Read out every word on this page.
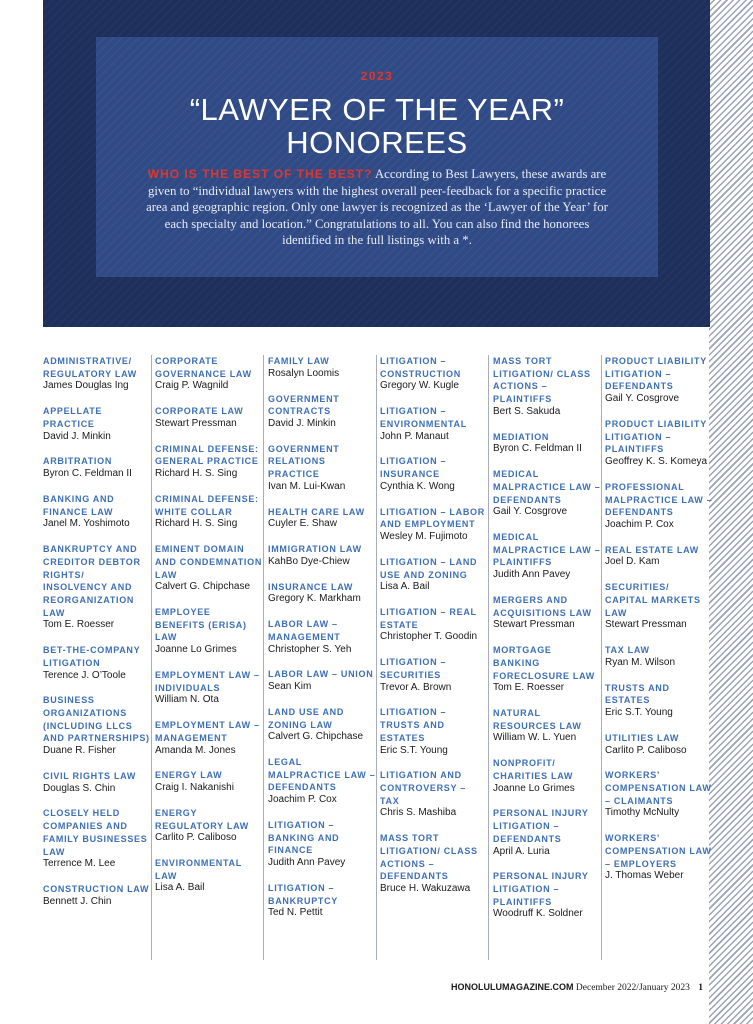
2023
“LAWYER OF THE YEAR”
HONOREES
WHO IS THE BEST OF THE BEST? According to Best Lawyers, these awards are given to “individual lawyers with the highest overall peer-feedback for a specific practice area and geographic region. Only one lawyer is recognized as the ‘Lawyer of the Year’ for each specialty and location.” Congratulations to all. You can also find the honorees identified in the full listings with a *.
ADMINISTRATIVE/ REGULATORY LAW
James Douglas Ing
APPELLATE PRACTICE
David J. Minkin
ARBITRATION
Byron C. Feldman II
BANKING AND FINANCE LAW
Janel M. Yoshimoto
BANKRUPTCY AND CREDITOR DEBTOR RIGHTS/ INSOLVENCY AND REORGANIZATION LAW
Tom E. Roesser
BET-THE-COMPANY LITIGATION
Terence J. O’Toole
BUSINESS ORGANIZATIONS (INCLUDING LLCS AND PARTNERSHIPS)
Duane R. Fisher
CIVIL RIGHTS LAW
Douglas S. Chin
CLOSELY HELD COMPANIES AND FAMILY BUSINESSES LAW
Terrence M. Lee
CONSTRUCTION LAW
Bennett J. Chin
CORPORATE GOVERNANCE LAW
Craig P. Wagnild
CORPORATE LAW
Stewart Pressman
CRIMINAL DEFENSE: GENERAL PRACTICE
Richard H. S. Sing
CRIMINAL DEFENSE: WHITE COLLAR
Richard H. S. Sing
EMINENT DOMAIN AND CONDEMNATION LAW
Calvert G. Chipchase
EMPLOYEE BENEFITS (ERISA) LAW
Joanne Lo Grimes
EMPLOYMENT LAW – INDIVIDUALS
William N. Ota
EMPLOYMENT LAW – MANAGEMENT
Amanda M. Jones
ENERGY LAW
Craig I. Nakanishi
ENERGY REGULATORY LAW
Carlito P. Caliboso
ENVIRONMENTAL LAW
Lisa A. Bail
FAMILY LAW
Rosalyn Loomis
GOVERNMENT CONTRACTS
David J. Minkin
GOVERNMENT RELATIONS PRACTICE
Ivan M. Lui-Kwan
HEALTH CARE LAW
Cuyler E. Shaw
IMMIGRATION LAW
KahBo Dye-Chiew
INSURANCE LAW
Gregory K. Markham
LABOR LAW – MANAGEMENT
Christopher S. Yeh
LABOR LAW – UNION
Sean Kim
LAND USE AND ZONING LAW
Calvert G. Chipchase
LEGAL MALPRACTICE LAW – DEFENDANTS
Joachim P. Cox
LITIGATION – BANKING AND FINANCE
Judith Ann Pavey
LITIGATION – BANKRUPTCY
Ted N. Pettit
LITIGATION – CONSTRUCTION
Gregory W. Kugle
LITIGATION – ENVIRONMENTAL
John P. Manaut
LITIGATION – INSURANCE
Cynthia K. Wong
LITIGATION – LABOR AND EMPLOYMENT
Wesley M. Fujimoto
LITIGATION – LAND USE AND ZONING
Lisa A. Bail
LITIGATION – REAL ESTATE
Christopher T. Goodin
LITIGATION – SECURITIES
Trevor A. Brown
LITIGATION – TRUSTS AND ESTATES
Eric S.T. Young
LITIGATION AND CONTROVERSY – TAX
Chris S. Mashiba
MASS TORT LITIGATION/ CLASS ACTIONS – DEFENDANTS
Bruce H. Wakuzawa
MASS TORT LITIGATION/ CLASS ACTIONS – PLAINTIFFS
Bert S. Sakuda
MEDIATION
Byron C. Feldman II
MEDICAL MALPRACTICE LAW – DEFENDANTS
Gail Y. Cosgrove
MEDICAL MALPRACTICE LAW – PLAINTIFFS
Judith Ann Pavey
MERGERS AND ACQUISITIONS LAW
Stewart Pressman
MORTGAGE BANKING FORECLOSURE LAW
Tom E. Roesser
NATURAL RESOURCES LAW
William W. L. Yuen
NONPROFIT/ CHARITIES LAW
Joanne Lo Grimes
PERSONAL INJURY LITIGATION – DEFENDANTS
April A. Luria
PERSONAL INJURY LITIGATION – PLAINTIFFS
Woodruff K. Soldner
PRODUCT LIABILITY LITIGATION – DEFENDANTS
Gail Y. Cosgrove
PRODUCT LIABILITY LITIGATION – PLAINTIFFS
Geoffrey K. S. Komeya
PROFESSIONAL MALPRACTICE LAW – DEFENDANTS
Joachim P. Cox
REAL ESTATE LAW
Joel D. Kam
SECURITIES/ CAPITAL MARKETS LAW
Stewart Pressman
TAX LAW
Ryan M. Wilson
TRUSTS AND ESTATES
Eric S.T. Young
UTILITIES LAW
Carlito P. Caliboso
WORKERS’ COMPENSATION LAW – CLAIMANTS
Timothy McNulty
WORKERS’ COMPENSATION LAW – EMPLOYERS
J. Thomas Weber
HONOLULUMAGAZINE.COM December 2022/January 2023 1
